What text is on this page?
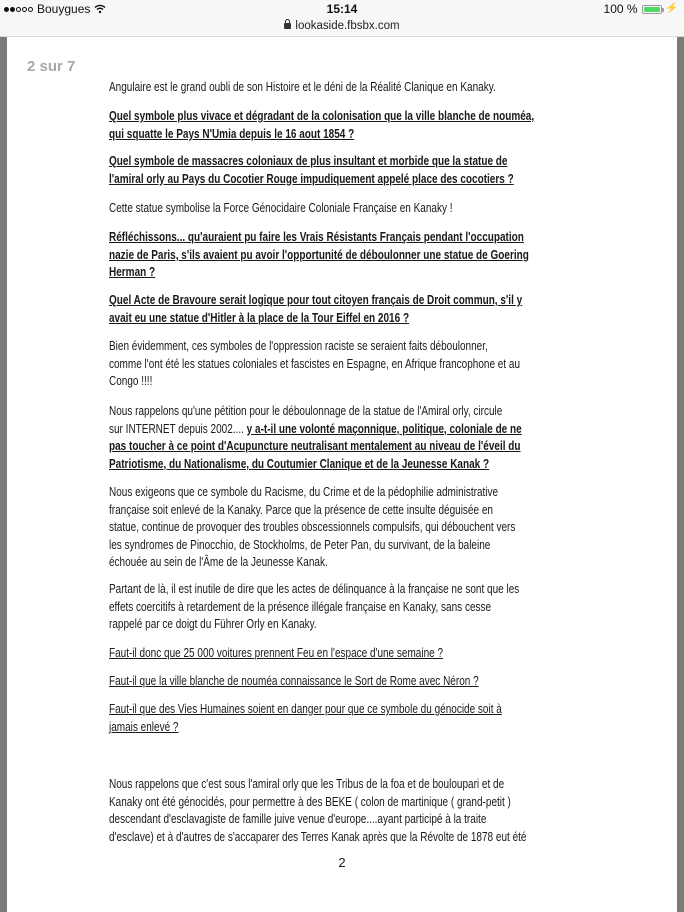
Bouygues	15:14
lookaside.fbsbx.com
100 %	⚡
2 sur 7
Angulaire est le grand oubli de son Histoire et le déni de la Réalité Clanique en Kanaky.
Quel symbole plus vivace et dégradant de la colonisation que la ville blanche de nouméa,
qui squatte le Pays N'Umia depuis le 16 aout 1854 ?
Quel symbole de massacres coloniaux de plus insultant et morbide que la statue de
l'amiral orly au Pays du Cocotier Rouge impudiquement appelé place des cocotiers ?
Cette statue symbolise la Force Génocidaire Coloniale Française en Kanaky !
Réfléchissons... qu'auraient pu faire les Vrais Résistants Français pendant l'occupation
nazie de Paris, s'ils avaient pu avoir l'opportunité de déboulonner une statue de Goering
Herman ?
Quel Acte de Bravoure serait logique pour tout citoyen français de Droit commun, s'il y
avait eu une statue d'Hitler à la place de la Tour Eiffel en 2016 ?
Bien évidemment, ces symboles de l'oppression raciste se seraient faits déboulonner,
comme l'ont été les statues coloniales et fascistes en Espagne, en Afrique francophone et au
Congo !!!!
Nous rappelons qu'une pétition pour le déboulonnage de la statue de l'Amiral orly, circule
sur INTERNET depuis 2002.... y a-t-il une volonté maçonnique, politique, coloniale de ne
pas toucher à ce point d'Acupuncture neutralisant mentalement au niveau de l'éveil du
Patriotisme, du Nationalisme, du Coutumier Clanique et de la Jeunesse Kanak ?
Nous exigeons que ce symbole du Racisme, du Crime et de la pédophilie administrative
française soit enlevé de la Kanaky. Parce que la présence de cette insulte déguisée en
statue, continue de provoquer des troubles obscessionnels compulsifs, qui débouchent vers
les syndromes de Pinocchio, de Stockholms, de Peter Pan, du survivant, de la baleine
échouée au sein de l'Âme de la Jeunesse Kanak.
Partant de là, il est inutile de dire que les actes de délinquance à la française ne sont que les
effets coercitifs à retardement de la présence illégale française en Kanaky, sans cesse
rappelé par ce doigt du Führer Orly en Kanaky.
Faut-il donc que 25 000 voitures prennent Feu en l'espace d'une semaine ?
Faut-il que la ville blanche de nouméa connaissance le Sort de Rome avec Néron ?
Faut-il que des Vies Humaines soient en danger pour que ce symbole du génocide soit à
jamais enlevé ?
Nous rappelons que c'est sous l'amiral orly que les Tribus de la foa et de bouloupari et de
Kanaky ont été génocidés, pour permettre à des BEKE ( colon de martinique ( grand-petit )
descendant d'esclavagiste de famille juive venue d'europe....ayant participé à la traite
d'esclave) et à d'autres de s'accaparer des Terres Kanak après que la Révolte de 1878 eut été
2
